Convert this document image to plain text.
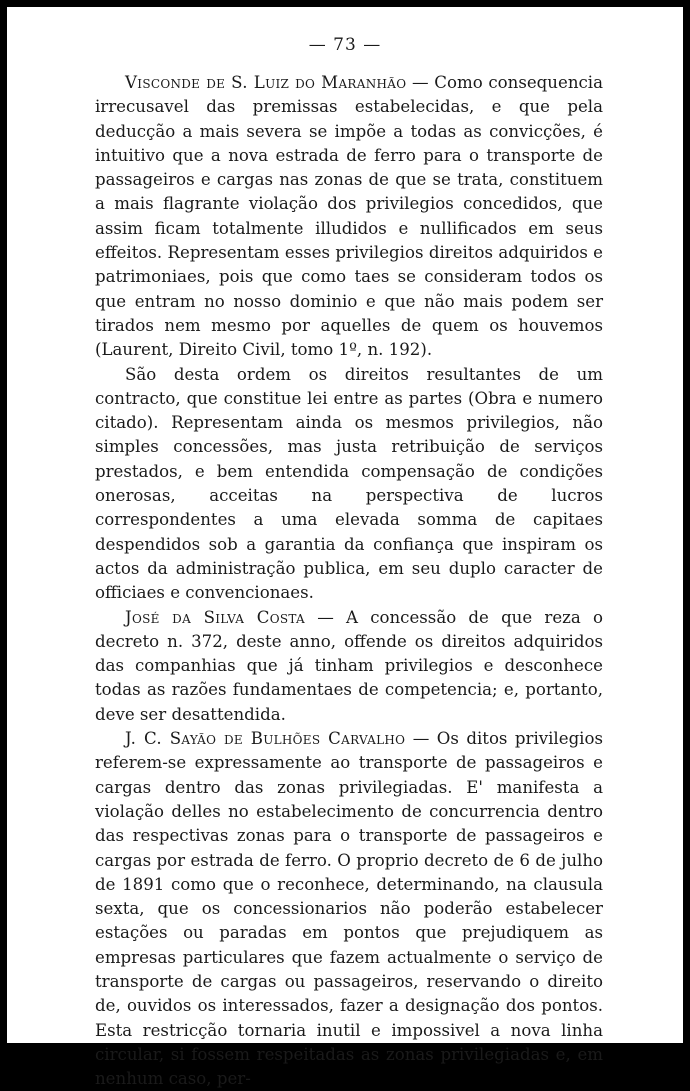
— 73 —

Visconde de S. Luiz do Maranhão — Como consequencia irrecusavel das premissas estabelecidas, e que pela deducção a mais severa se impõe a todas as convicções, é intuitivo que a nova estrada de ferro para o transporte de passageiros e cargas nas zonas de que se trata, constituem a mais flagrante violação dos privilegios concedidos, que assim ficam totalmente illudidos e nullificados em seus effeitos. Representam esses privilegios direitos adquiridos e patrimoniaes, pois que como taes se consideram todos os que entram no nosso dominio e que não mais podem ser tirados nem mesmo por aquelles de quem os houvemos (Laurent, Direito Civil, tomo 1º, n. 192).

São desta ordem os direitos resultantes de um contracto, que constitue lei entre as partes (Obra e numero citado). Representam ainda os mesmos privilegios, não simples concessões, mas justa retribuição de serviços prestados, e bem entendida compensação de condições onerosas, acceitas na perspectiva de lucros correspondentes a uma elevada somma de capitaes despendidos sob a garantia da confiança que inspiram os actos da administração publica, em seu duplo caracter de officiaes e convencionaes.

José da Silva Costa — A concessão de que reza o decreto n. 372, deste anno, offende os direitos adquiridos das companhias que já tinham privilegios e desconhece todas as razões fundamentaes de competencia; e, portanto, deve ser desattendida.

J. C. Sayão de Bulhões Carvalho — Os ditos privilegios referem-se expressamente ao transporte de passageiros e cargas dentro das zonas privilegiadas. E' manifesta a violação delles no estabelecimento de concurrencia dentro das respectivas zonas para o transporte de passageiros e cargas por estrada de ferro. O proprio decreto de 6 de julho de 1891 como que o reconhece, determinando, na clausula sexta, que os concessionarios não poderão estabelecer estações ou paradas em pontos que prejudiquem as empresas particulares que fazem actualmente o serviço de transporte de cargas ou passageiros, reservando o direito de, ouvidos os interessados, fazer a designação dos pontos. Esta restricção tornaria inutil e impossivel a nova linha circular, si fossem respeitadas as zonas privilegiadas e, em nenhum caso, per-
